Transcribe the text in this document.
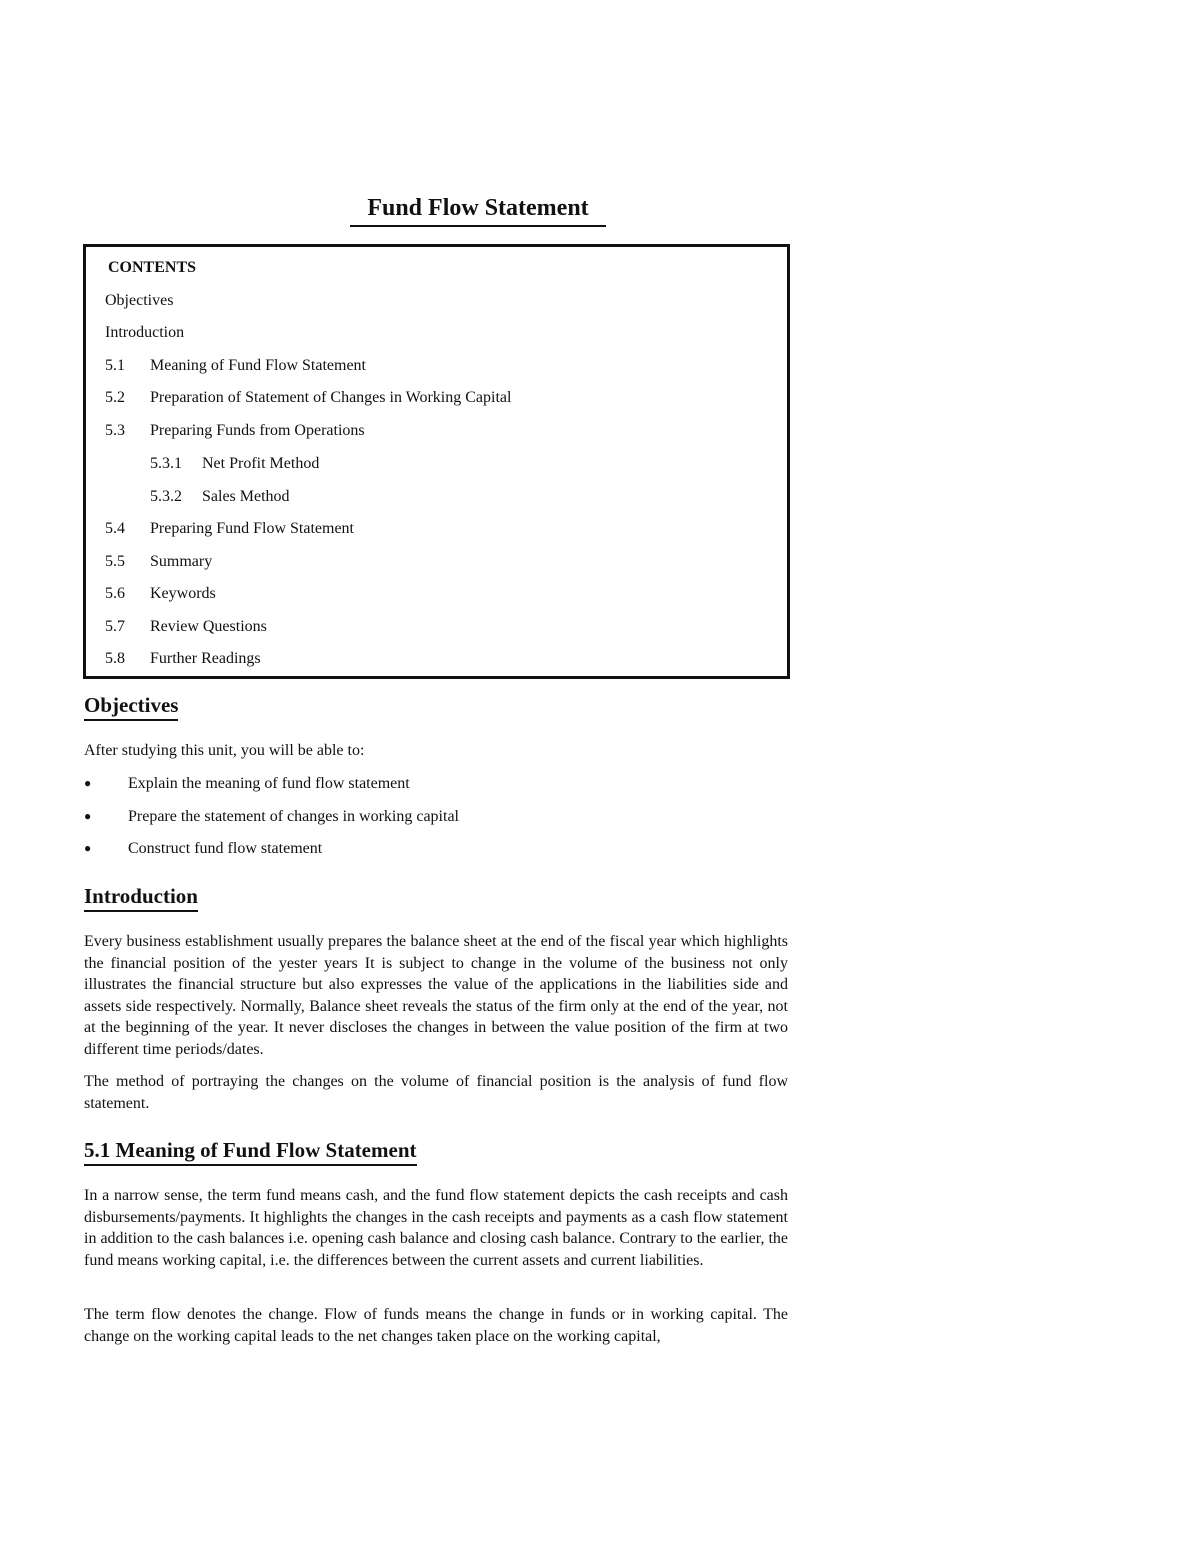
Fund Flow Statement
CONTENTS
Objectives
Introduction
5.1 Meaning of Fund Flow Statement
5.2 Preparation of Statement of Changes in Working Capital
5.3 Preparing Funds from Operations
5.3.1 Net Profit Method
5.3.2 Sales Method
5.4 Preparing Fund Flow Statement
5.5 Summary
5.6 Keywords
5.7 Review Questions
5.8 Further Readings
Objectives

After studying this unit, you will be able to:

● Explain the meaning of fund flow statement
● Prepare the statement of changes in working capital
● Construct fund flow statement
Introduction

Every business establishment usually prepares the balance sheet at the end of the fiscal year which highlights the financial position of the yester years It is subject to change in the volume of the business not only illustrates the financial structure but also expresses the value of the applications in the liabilities side and assets side respectively. Normally, Balance sheet reveals the status of the firm only at the end of the year, not at the beginning of the year. It never discloses the changes in between the value position of the firm at two different time periods/dates.

The method of portraying the changes on the volume of financial position is the analysis of fund flow statement.

5.1 Meaning of Fund Flow Statement

In a narrow sense, the term fund means cash, and the fund flow statement depicts the cash receipts and cash disbursements/payments. It highlights the changes in the cash receipts and payments as a cash flow statement in addition to the cash balances i.e. opening cash balance and closing cash balance. Contrary to the earlier, the fund means working capital, i.e. the differences between the current assets and current liabilities.

The term flow denotes the change. Flow of funds means the change in funds or in working capital. The change on the working capital leads to the net changes taken place on the working capital,
